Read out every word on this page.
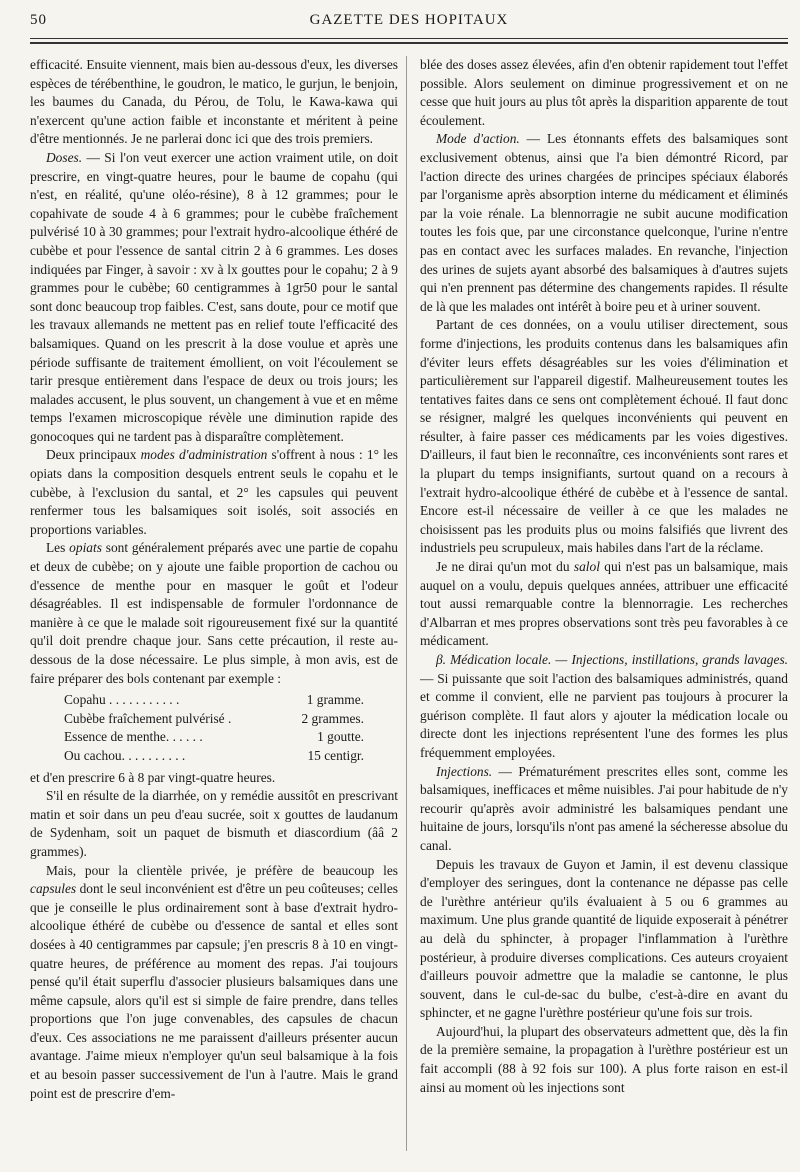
50	GAZETTE DES HOPITAUX

efficacité. Ensuite viennent, mais bien au-dessous d'eux, les diverses espèces de térébenthine, le goudron, le matico, le gurjun, le benjoin, les baumes du Canada, du Pérou, de Tolu, le Kawa-kawa qui n'exercent qu'une action faible et inconstante et méritent à peine d'être mentionnés. Je ne parlerai donc ici que des trois premiers.

Doses. — Si l'on veut exercer une action vraiment utile, on doit prescrire, en vingt-quatre heures, pour le baume de copahu (qui n'est, en réalité, qu'une oléo-résine), 8 à 12 grammes; pour le copahivate de soude 4 à 6 grammes; pour le cubèbe fraîchement pulvérisé 10 à 30 grammes; pour l'extrait hydro-alcoolique éthéré de cubèbe et pour l'essence de santal citrin 2 à 6 grammes. Les doses indiquées par Finger, à savoir : xv à lx gouttes pour le copahu; 2 à 9 grammes pour le cubèbe; 60 centigrammes à 1gr50 pour le santal sont donc beaucoup trop faibles. C'est, sans doute, pour ce motif que les travaux allemands ne mettent pas en relief toute l'efficacité des balsamiques. Quand on les prescrit à la dose voulue et après une période suffisante de traitement émollient, on voit l'écoulement se tarir presque entièrement dans l'espace de deux ou trois jours; les malades accusent, le plus souvent, un changement à vue et en même temps l'examen microscopique révèle une diminution rapide des gonocoques qui ne tardent pas à disparaître complètement.

Deux principaux modes d'administration s'offrent à nous : 1° les opiats dans la composition desquels entrent seuls le copahu et le cubèbe, à l'exclusion du santal, et 2° les capsules qui peuvent renfermer tous les balsamiques soit isolés, soit associés en proportions variables.

Les opiats sont généralement préparés avec une partie de copahu et deux de cubèbe; on y ajoute une faible proportion de cachou ou d'essence de menthe pour en masquer le goût et l'odeur désagréables. Il est indispensable de formuler l'ordonnance de manière à ce que le malade soit rigoureusement fixé sur la quantité qu'il doit prendre chaque jour. Sans cette précaution, il reste au-dessous de la dose nécessaire. Le plus simple, à mon avis, est de faire préparer des bols contenant par exemple :

Copahu . . . . . . . . . . .	1 gramme.
Cubèbe fraîchement pulvérisé .	2 grammes.
Essence de menthe. . . . . .	1 goutte.
Ou cachou. . . . . . . . . .	15 centigr.

et d'en prescrire 6 à 8 par vingt-quatre heures.

S'il en résulte de la diarrhée, on y remédie aussitôt en prescrivant matin et soir dans un peu d'eau sucrée, soit x gouttes de laudanum de Sydenham, soit un paquet de bismuth et diascordium (ââ 2 grammes).

Mais, pour la clientèle privée, je préfère de beaucoup les capsules dont le seul inconvénient est d'être un peu coûteuses; celles que je conseille le plus ordinairement sont à base d'extrait hydro-alcoolique éthéré de cubèbe ou d'essence de santal et elles sont dosées à 40 centigrammes par capsule; j'en prescris 8 à 10 en vingt-quatre heures, de préférence au moment des repas. J'ai toujours pensé qu'il était superflu d'associer plusieurs balsamiques dans une même capsule, alors qu'il est si simple de faire prendre, dans telles proportions que l'on juge convenables, des capsules de chacun d'eux. Ces associations ne me paraissent d'ailleurs présenter aucun avantage. J'aime mieux n'employer qu'un seul balsamique à la fois et au besoin passer successivement de l'un à l'autre. Mais le grand point est de prescrire d'em-

blée des doses assez élevées, afin d'en obtenir rapidement tout l'effet possible. Alors seulement on diminue progressivement et on ne cesse que huit jours au plus tôt après la disparition apparente de tout écoulement.

Mode d'action. — Les étonnants effets des balsamiques sont exclusivement obtenus, ainsi que l'a bien démontré Ricord, par l'action directe des urines chargées de principes spéciaux élaborés par l'organisme après absorption interne du médicament et éliminés par la voie rénale. La blennorragie ne subit aucune modification toutes les fois que, par une circonstance quelconque, l'urine n'entre pas en contact avec les surfaces malades. En revanche, l'injection des urines de sujets ayant absorbé des balsamiques à d'autres sujets qui n'en prennent pas détermine des changements rapides. Il résulte de là que les malades ont intérêt à boire peu et à uriner souvent.

Partant de ces données, on a voulu utiliser directement, sous forme d'injections, les produits contenus dans les balsamiques afin d'éviter leurs effets désagréables sur les voies d'élimination et particulièrement sur l'appareil digestif. Malheureusement toutes les tentatives faites dans ce sens ont complètement échoué. Il faut donc se résigner, malgré les quelques inconvénients qui peuvent en résulter, à faire passer ces médicaments par les voies digestives. D'ailleurs, il faut bien le reconnaître, ces inconvénients sont rares et la plupart du temps insignifiants, surtout quand on a recours à l'extrait hydro-alcoolique éthéré de cubèbe et à l'essence de santal. Encore est-il nécessaire de veiller à ce que les malades ne choisissent pas les produits plus ou moins falsifiés que livrent des industriels peu scrupuleux, mais habiles dans l'art de la réclame.

Je ne dirai qu'un mot du salol qui n'est pas un balsamique, mais auquel on a voulu, depuis quelques années, attribuer une efficacité tout aussi remarquable contre la blennorragie. Les recherches d'Albarran et mes propres observations sont très peu favorables à ce médicament.

β. Médication locale. — Injections, instillations, grands lavages. — Si puissante que soit l'action des balsamiques administrés, quand et comme il convient, elle ne parvient pas toujours à procurer la guérison complète. Il faut alors y ajouter la médication locale ou directe dont les injections représentent l'une des formes les plus fréquemment employées.

Injections. — Prématurément prescrites elles sont, comme les balsamiques, inefficaces et même nuisibles. J'ai pour habitude de n'y recourir qu'après avoir administré les balsamiques pendant une huitaine de jours, lorsqu'ils n'ont pas amené la sécheresse absolue du canal.

Depuis les travaux de Guyon et Jamin, il est devenu classique d'employer des seringues, dont la contenance ne dépasse pas celle de l'urèthre antérieur qu'ils évaluaient à 5 ou 6 grammes au maximum. Une plus grande quantité de liquide exposerait à pénétrer au delà du sphincter, à propager l'inflammation à l'urèthre postérieur, à produire diverses complications. Ces auteurs croyaient d'ailleurs pouvoir admettre que la maladie se cantonne, le plus souvent, dans le cul-de-sac du bulbe, c'est-à-dire en avant du sphincter, et ne gagne l'urèthre postérieur qu'une fois sur trois.

Aujourd'hui, la plupart des observateurs admettent que, dès la fin de la première semaine, la propagation à l'urèthre postérieur est un fait accompli (88 à 92 fois sur 100). A plus forte raison en est-il ainsi au moment où les injections sont
